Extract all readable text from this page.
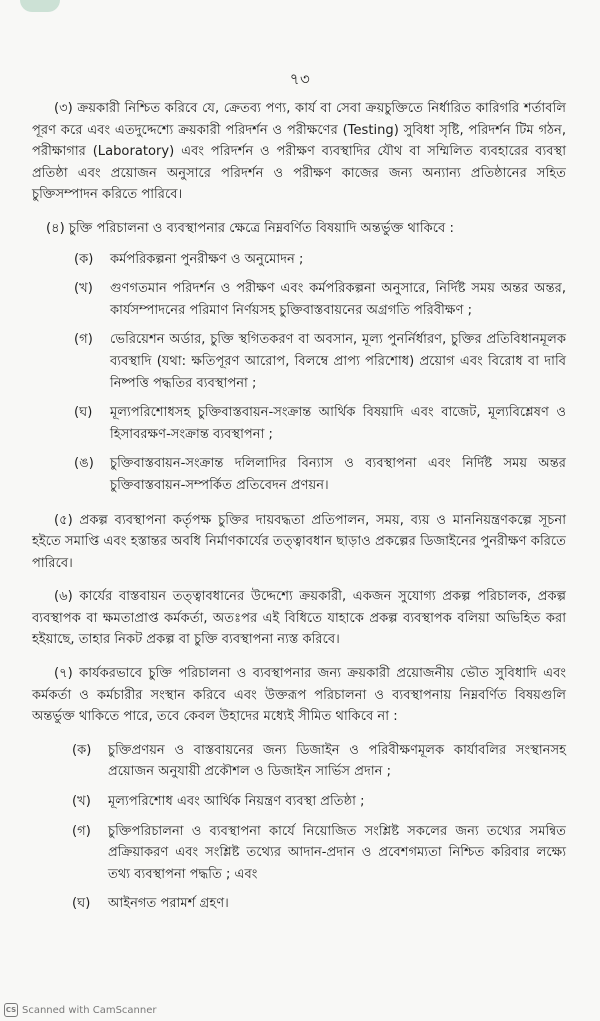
৭৩

(৩) ক্রয়কারী নিশ্চিত করিবে যে, ক্রেতব্য পণ্য, কার্য বা সেবা ক্রয়চুক্তিতে নির্ধারিত কারিগরি শর্তাবলি পূরণ করে এবং এতদুদ্দেশ্যে ক্রয়কারী পরিদর্শন ও পরীক্ষণের (Testing) সুবিধা সৃষ্টি, পরিদর্শন টিম গঠন, পরীক্ষাগার (Laboratory) এবং পরিদর্শন ও পরীক্ষণ ব্যবস্থাদির যৌথ বা সম্মিলিত ব্যবহারের ব্যবস্থা প্রতিষ্ঠা এবং প্রয়োজন অনুসারে পরিদর্শন ও পরীক্ষণ কাজের জন্য অন্যান্য প্রতিষ্ঠানের সহিত চুক্তিসম্পাদন করিতে পারিবে।

(৪) চুক্তি পরিচালনা ও ব্যবস্থাপনার ক্ষেত্রে নিম্নবর্ণিত বিষয়াদি অন্তর্ভুক্ত থাকিবে :

(ক)	কর্মপরিকল্পনা পুনরীক্ষণ ও অনুমোদন ;
(খ)	গুণগতমান পরিদর্শন ও পরীক্ষণ এবং কর্মপরিকল্পনা অনুসারে, নির্দিষ্ট সময় অন্তর অন্তর, কার্যসম্পাদনের পরিমাণ নির্ণয়সহ চুক্তিবাস্তবায়নের অগ্রগতি পরিবীক্ষণ ;
(গ)	ভেরিয়েশন অর্ডার, চুক্তি স্থগিতকরণ বা অবসান, মূল্য পুনর্নির্ধারণ, চুক্তির প্রতিবিধানমূলক ব্যবস্থাদি (যথা: ক্ষতিপূরণ আরোপ, বিলম্বে প্রাপ্য পরিশোধ) প্রয়োগ এবং বিরোধ বা দাবি নিষ্পত্তি পদ্ধতির ব্যবস্থাপনা ;
(ঘ)	মূল্যপরিশোধসহ চুক্তিবাস্তবায়ন-সংক্রান্ত আর্থিক বিষয়াদি এবং বাজেট, মূল্যবিশ্লেষণ ও হিসাবরক্ষণ-সংক্রান্ত ব্যবস্থাপনা ;
(ঙ)	চুক্তিবাস্তবায়ন-সংক্রান্ত দলিলাদির বিন্যাস ও ব্যবস্থাপনা এবং নির্দিষ্ট সময় অন্তর চুক্তিবাস্তবায়ন-সম্পর্কিত প্রতিবেদন প্রণয়ন।

(৫) প্রকল্প ব্যবস্থাপনা কর্তৃপক্ষ চুক্তির দায়বদ্ধতা প্রতিপালন, সময়, ব্যয় ও মাননিয়ন্ত্রণকল্পে সূচনা হইতে সমাপ্তি এবং হস্তান্তর অবধি নির্মাণকার্যের তত্ত্বাবধান ছাড়াও প্রকল্পের ডিজাইনের পুনরীক্ষণ করিতে পারিবে।

(৬) কার্যের বাস্তবায়ন তত্ত্বাবধানের উদ্দেশ্যে ক্রয়কারী, একজন সুযোগ্য প্রকল্প পরিচালক, প্রকল্প ব্যবস্থাপক বা ক্ষমতাপ্রাপ্ত কর্মকর্তা, অতঃপর এই বিধিতে যাহাকে প্রকল্প ব্যবস্থাপক বলিয়া অভিহিত করা হইয়াছে, তাহার নিকট প্রকল্প বা চুক্তি ব্যবস্থাপনা ন্যস্ত করিবে।

(৭) কার্যকরভাবে চুক্তি পরিচালনা ও ব্যবস্থাপনার জন্য ক্রয়কারী প্রয়োজনীয় ভৌত সুবিধাদি এবং কর্মকর্তা ও কর্মচারীর সংস্থান করিবে এবং উক্তরূপ পরিচালনা ও ব্যবস্থাপনায় নিম্নবর্ণিত বিষয়গুলি অন্তর্ভুক্ত থাকিতে পারে, তবে কেবল উহাদের মধ্যেই সীমিত থাকিবে না :

(ক)	চুক্তিপ্রণয়ন ও বাস্তবায়নের জন্য ডিজাইন ও পরিবীক্ষণমূলক কার্যাবলির সংস্থানসহ প্রয়োজন অনুযায়ী প্রকৌশল ও ডিজাইন সার্ভিস প্রদান ;
(খ)	মূল্যপরিশোধ এবং আর্থিক নিয়ন্ত্রণ ব্যবস্থা প্রতিষ্ঠা ;
(গ)	চুক্তিপরিচালনা ও ব্যবস্থাপনা কার্যে নিয়োজিত সংশ্লিষ্ট সকলের জন্য তথ্যের সমন্বিত প্রক্রিয়াকরণ এবং সংশ্লিষ্ট তথ্যের আদান-প্রদান ও প্রবেশগম্যতা নিশ্চিত করিবার লক্ষ্যে তথ্য ব্যবস্থাপনা পদ্ধতি ; এবং
(ঘ)	আইনগত পরামর্শ গ্রহণ।
CS Scanned with CamScanner
